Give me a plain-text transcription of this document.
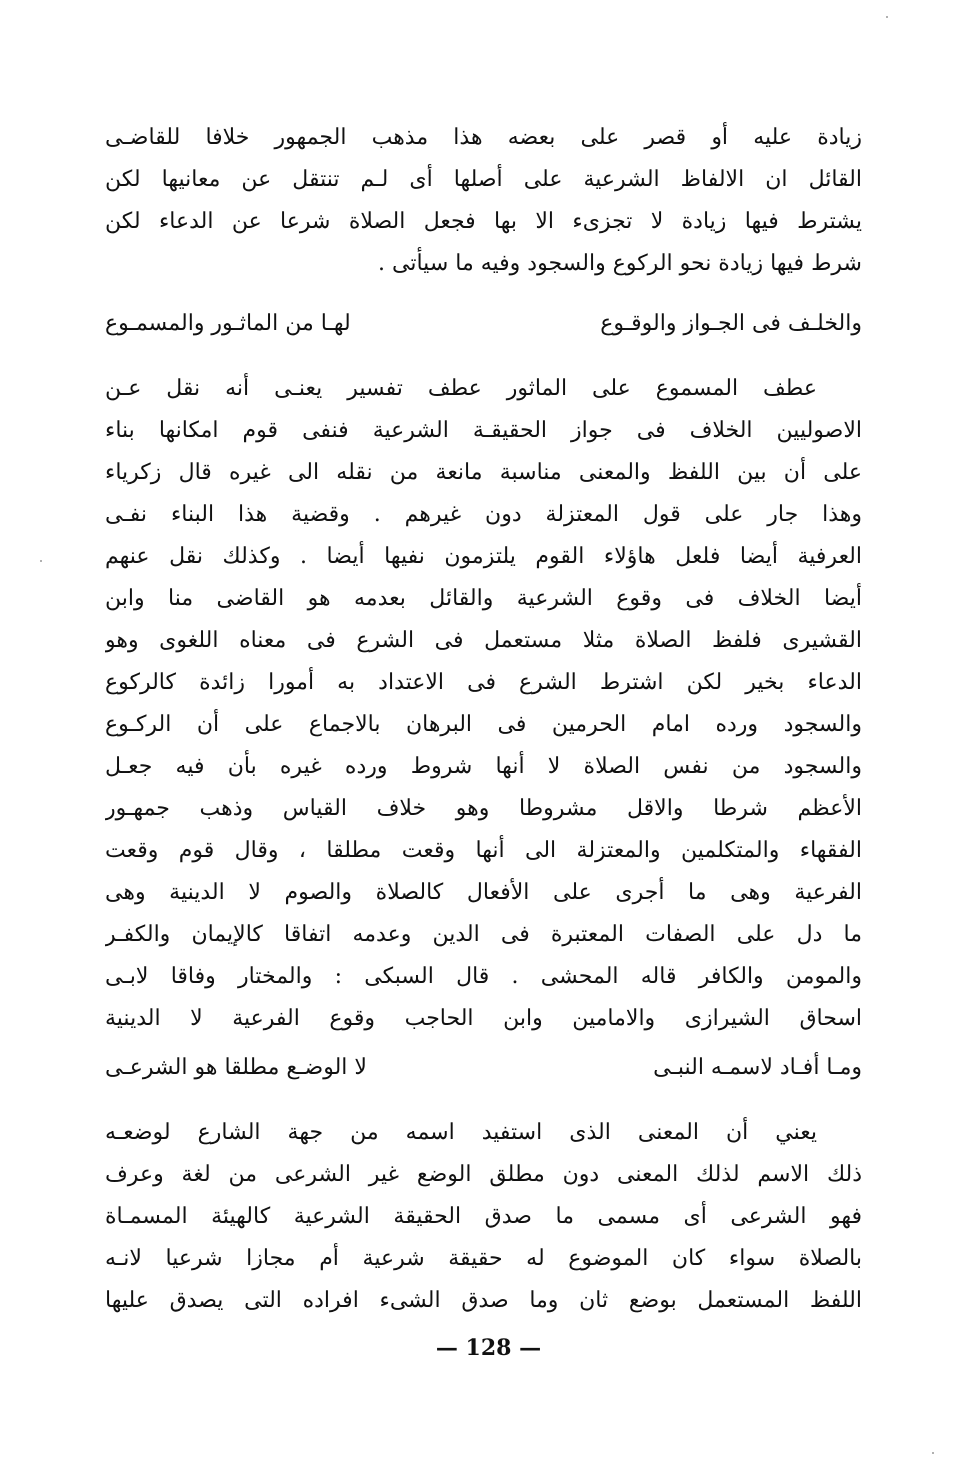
زيادة عليه أو قصر على بعضه هذا مذهب الجمهور خلافا للقاضـى
القائل ان الالفاظ الشرعية على أصلها أى لـم تنتقل عن معانيها لكن
يشترط فيها زيادة لا تجزىء الا بها فجعل الصلاة شرعا عن الدعاء لكن
شرط فيها زيادة نحو الركوع والسجود وفيه ما سيأتى .
والخلـف فى الجـواز والوقـوع
لهـا من الماثـور والمسمـوع
عطف المسموع على الماثور عطف تفسير يعنـى أنه نقل عـن
الاصوليين الخلاف فى جواز الحقيقـة الشرعية فنفى قوم امكانها بناء
على أن بين اللفظ والمعنى مناسبة مانعة من نقله الى غيره قال زكرياء
وهذا جار على قول المعتزلة دون غيرهم . وقضية هذا البناء نفـى
العرفية أيضا فلعل هاؤلاء القوم يلتزمون نفيها أيضا . وكذلك نقل عنهم
أيضا الخلاف فى وقوع الشرعية والقائل بعدمه هو القاضى منا وابن
القشيرى فلفظ الصلاة مثلا مستعمل فى الشرع فى معناه اللغوى وهو
الدعاء بخير لكن اشترط الشرع فى الاعتداد به أمورا زائدة كالركوع
والسجود ورده امام الحرمين فى البرهان بالاجماع على أن الركـوع
والسجود من نفس الصلاة لا أنها شروط ورده غيره بأن فيه جعـل
الأعظم شرطا والاقل مشروطا وهو خلاف القياس وذهب جمهـور
الفقهاء والمتكلمين والمعتزلة الى أنها وقعت مطلقا ، وقال قوم وقعت
الفرعية وهى ما أجرى على الأفعال كالصلاة والصوم لا الدينية وهى
ما دل على الصفات المعتبرة فى الدين وعدمه اتفاقا كالإيمان والكفـر
والمومن والكافر قاله المحشى . قال السبكى : والمختار وفاقا لابـى
اسحاق الشيرازى والامامين وابن الحاجب وقوع الفرعية لا الدينية
ومـا أفـاد لاسمـه النبـى
لا الوضـع مطلقا هو الشرعـى
يعني أن المعنى الذى استفيد اسمه من جهة الشارع لوضعـه
ذلك الاسم لذلك المعنى دون مطلق الوضع غير الشرعى من لغة وعرف
فهو الشرعى أى مسمى ما صدق الحقيقة الشرعية كالهيئة المسمـاة
بالصلاة سواء كان الموضوع له حقيقة شرعية أم مجازا شرعيا لانـه
اللفظ المستعمل بوضع ثان وما صدق الشىء افراده التى يصدق عليها
— 128 —
